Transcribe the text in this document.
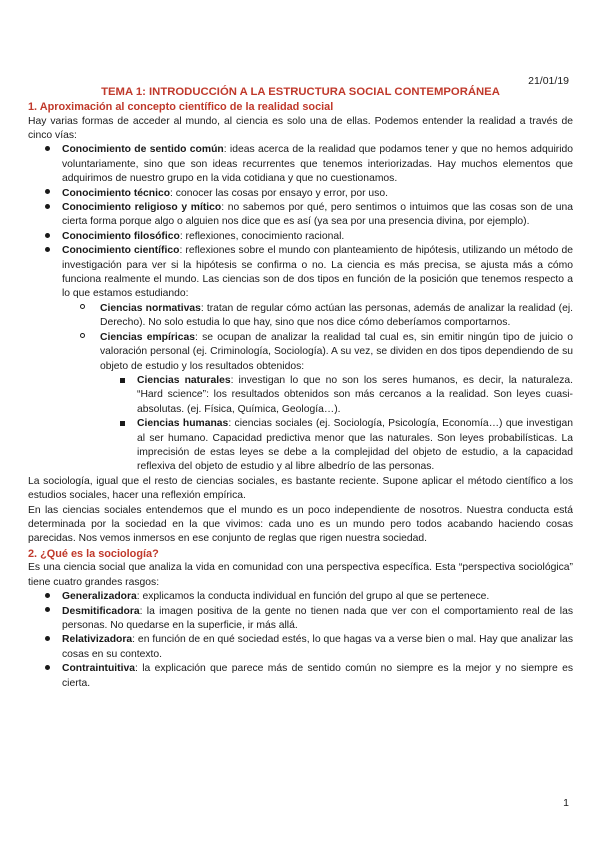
21/01/19
TEMA 1: INTRODUCCIÓN A LA ESTRUCTURA SOCIAL CONTEMPORÁNEA
1. Aproximación al concepto científico de la realidad social

Hay varias formas de acceder al mundo, al ciencia es solo una de ellas. Podemos entender la realidad a través de cinco vías:

Conocimiento de sentido común: ideas acerca de la realidad que podamos tener y que no hemos adquirido voluntariamente, sino que son ideas recurrentes que tenemos interiorizadas. Hay muchos elementos que adquirimos de nuestro grupo en la vida cotidiana y que no cuestionamos.
Conocimiento técnico: conocer las cosas por ensayo y error, por uso.
Conocimiento religioso y mítico: no sabemos por qué, pero sentimos o intuimos que las cosas son de una cierta forma porque algo o alguien nos dice que es así (ya sea por una presencia divina, por ejemplo).
Conocimiento filosófico: reflexiones, conocimiento racional.
Conocimiento científico: reflexiones sobre el mundo con planteamiento de hipótesis, utilizando un método de investigación para ver si la hipótesis se confirma o no. La ciencia es más precisa, se ajusta más a cómo funciona realmente el mundo. Las ciencias son de dos tipos en función de la posición que tenemos respecto a lo que estamos estudiando:
Ciencias normativas: tratan de regular cómo actúan las personas, además de analizar la realidad (ej. Derecho). No solo estudia lo que hay, sino que nos dice cómo deberíamos comportarnos.
Ciencias empíricas: se ocupan de analizar la realidad tal cual es, sin emitir ningún tipo de juicio o valoración personal (ej. Criminología, Sociología). A su vez, se dividen en dos tipos dependiendo de su objeto de estudio y los resultados obtenidos:
Ciencias naturales: investigan lo que no son los seres humanos, es decir, la naturaleza. “Hard science”: los resultados obtenidos son más cercanos a la realidad. Son leyes cuasi-absolutas. (ej. Física, Química, Geología…).
Ciencias humanas: ciencias sociales (ej. Sociología, Psicología, Economía…) que investigan al ser humano. Capacidad predictiva menor que las naturales. Son leyes probabilísticas. La imprecisión de estas leyes se debe a la complejidad del objeto de estudio, a la capacidad reflexiva del objeto de estudio y al libre albedrío de las personas.

La sociología, igual que el resto de ciencias sociales, es bastante reciente. Supone aplicar el método científico a los estudios sociales, hacer una reflexión empírica.

En las ciencias sociales entendemos que el mundo es un poco independiente de nosotros. Nuestra conducta está determinada por la sociedad en la que vivimos: cada uno es un mundo pero todos acabando haciendo cosas parecidas. Nos vemos inmersos en ese conjunto de reglas que rigen nuestra sociedad.

2. ¿Qué es la sociología?

Es una ciencia social que analiza la vida en comunidad con una perspectiva específica. Esta “perspectiva sociológica” tiene cuatro grandes rasgos:

Generalizadora: explicamos la conducta individual en función del grupo al que se pertenece.
Desmitificadora: la imagen positiva de la gente no tienen nada que ver con el comportamiento real de las personas. No quedarse en la superficie, ir más allá.
Relativizadora: en función de en qué sociedad estés, lo que hagas va a verse bien o mal. Hay que analizar las cosas en su contexto.
Contraintuitiva: la explicación que parece más de sentido común no siempre es la mejor y no siempre es cierta.
1
